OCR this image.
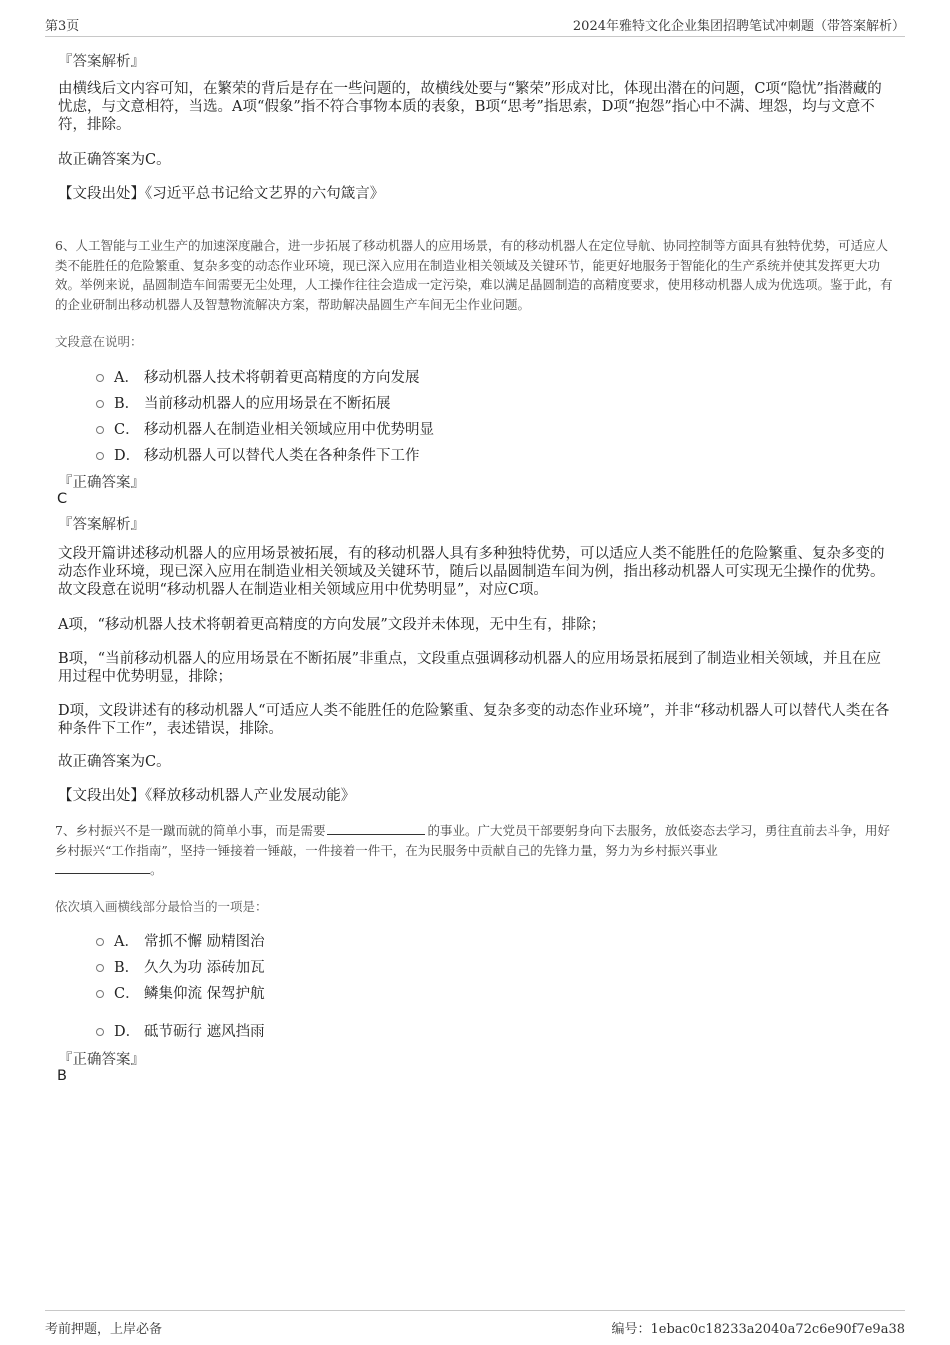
第3页	2024年雅特文化企业集团招聘笔试冲刺题（带答案解析）
『答案解析』
由横线后文内容可知，在繁荣的背后是存在一些问题的，故横线处要与“繁荣”形成对比，体现出潜在的问题，C项“隐忧”指潜藏的忧虑，与文意相符，当选。A项“假象”指不符合事物本质的表象，B项“思考”指思索，D项“抱怨”指心中不满、埋怨，均与文意不符，排除。
故正确答案为C。
【文段出处】《习近平总书记给文艺界的六句箴言》
6、人工智能与工业生产的加速深度融合，进一步拓展了移动机器人的应用场景，有的移动机器人在定位导航、协同控制等方面具有独特优势，可适应人类不能胜任的危险繁重、复杂多变的动态作业环境，现已深入应用在制造业相关领域及关键环节，能更好地服务于智能化的生产系统并使其发挥更大功效。举例来说，晶圆制造车间需要无尘处理，人工操作往往会造成一定污染，难以满足晶圆制造的高精度要求，使用移动机器人成为优选项。鉴于此，有的企业研制出移动机器人及智慧物流解决方案，帮助解决晶圆生产车间无尘作业问题。
文段意在说明：
A． 移动机器人技术将朝着更高精度的方向发展
B． 当前移动机器人的应用场景在不断拓展
C． 移动机器人在制造业相关领域应用中优势明显
D． 移动机器人可以替代人类在各种条件下工作
『正确答案』
C
『答案解析』
文段开篇讲述移动机器人的应用场景被拓展，有的移动机器人具有多种独特优势，可以适应人类不能胜任的危险繁重、复杂多变的动态作业环境，现已深入应用在制造业相关领域及关键环节，随后以晶圆制造车间为例，指出移动机器人可实现无尘操作的优势。故文段意在说明“移动机器人在制造业相关领域应用中优势明显”，对应C项。
A项，“移动机器人技术将朝着更高精度的方向发展”文段并未体现，无中生有，排除；
B项，“当前移动机器人的应用场景在不断拓展”非重点，文段重点强调移动机器人的应用场景拓展到了制造业相关领域，并且在应用过程中优势明显，排除；
D项，文段讲述有的移动机器人“可适应人类不能胜任的危险繁重、复杂多变的动态作业环境”，并非“移动机器人可以替代人类在各种条件下工作”，表述错误，排除。
故正确答案为C。
【文段出处】《释放移动机器人产业发展动能》
7、乡村振兴不是一蹴而就的简单小事，而是需要	的事业。广大党员干部要躬身向下去服务，放低姿态去学习，勇往直前去斗争，用好乡村振兴“工作指南”，坚持一锤接着一锤敲，一件接着一件干，在为民服务中贡献自己的先锋力量，努力为乡村振兴事业
。
依次填入画横线部分最恰当的一项是：
A． 常抓不懈 励精图治
B． 久久为功 添砖加瓦
C． 鳞集仰流 保驾护航
D． 砥节砺行 遮风挡雨
『正确答案』
B
考前押题，上岸必备	编号：1ebac0c18233a2040a72c6e90f7e9a38
